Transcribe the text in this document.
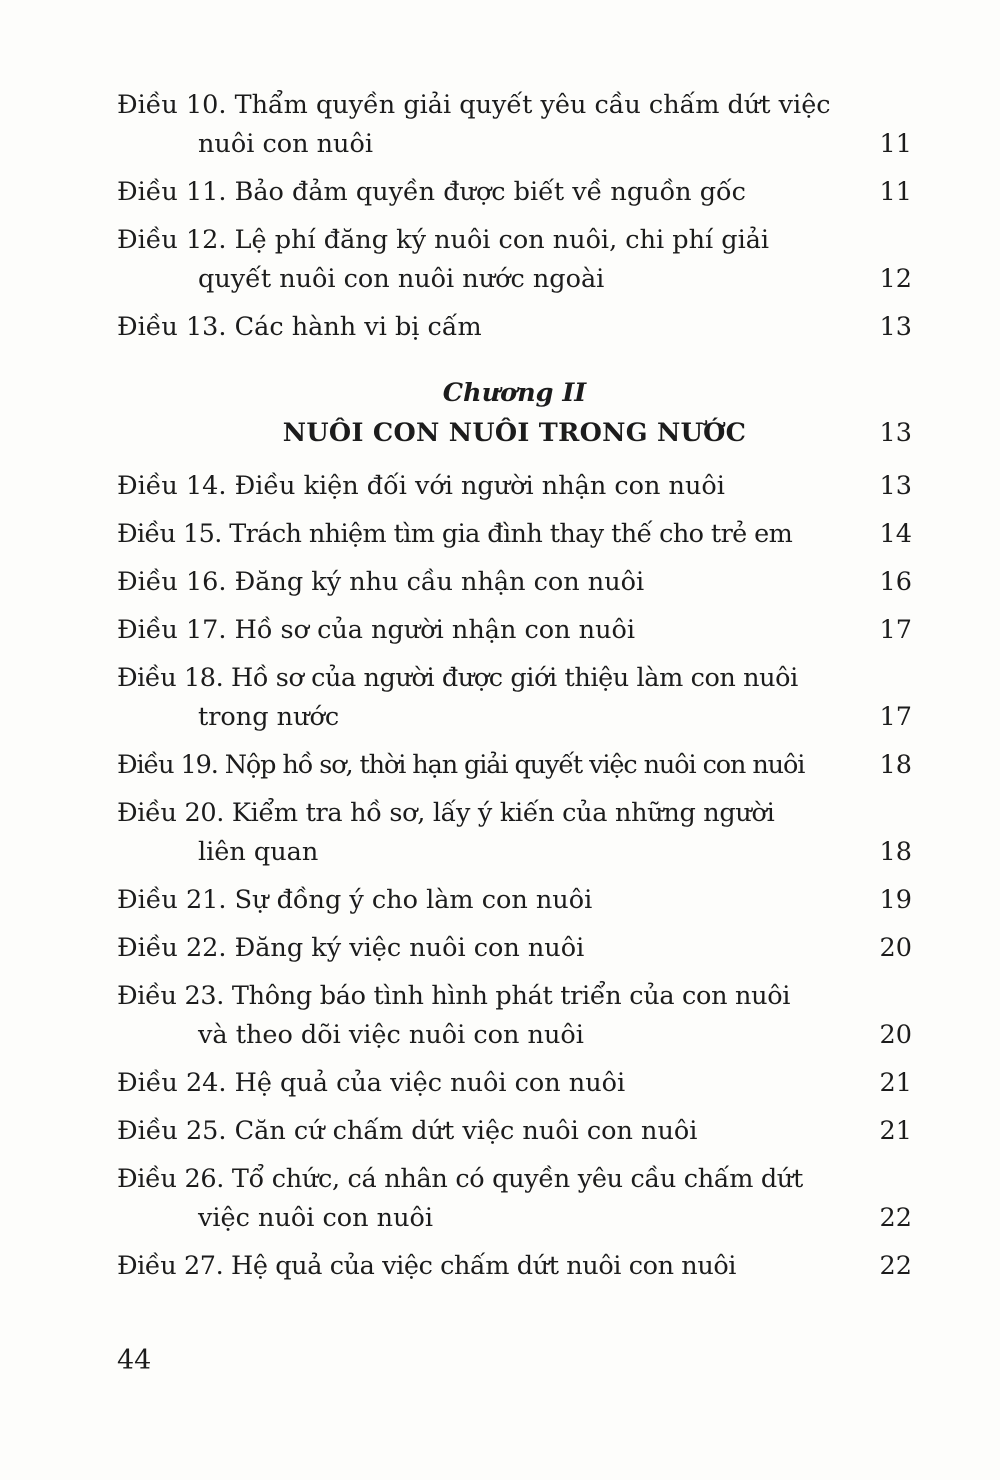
Điều 10. Thẩm quyền giải quyết yêu cầu chấm dứt việc
nuôi con nuôi	11
Điều 11. Bảo đảm quyền được biết về nguồn gốc	11
Điều 12. Lệ phí đăng ký nuôi con nuôi, chi phí giải
quyết nuôi con nuôi nước ngoài	12
Điều 13. Các hành vi bị cấm	13
Chương II
NUÔI CON NUÔI TRONG NƯỚC	13
Điều 14. Điều kiện đối với người nhận con nuôi	13
Điều 15. Trách nhiệm tìm gia đình thay thế cho trẻ em	14
Điều 16. Đăng ký nhu cầu nhận con nuôi	16
Điều 17. Hồ sơ của người nhận con nuôi	17
Điều 18. Hồ sơ của người được giới thiệu làm con nuôi
trong nước	17
Điều 19. Nộp hồ sơ, thời hạn giải quyết việc nuôi con nuôi	18
Điều 20. Kiểm tra hồ sơ, lấy ý kiến của những người
liên quan	18
Điều 21. Sự đồng ý cho làm con nuôi	19
Điều 22. Đăng ký việc nuôi con nuôi	20
Điều 23. Thông báo tình hình phát triển của con nuôi
và theo dõi việc nuôi con nuôi	20
Điều 24. Hệ quả của việc nuôi con nuôi	21
Điều 25. Căn cứ chấm dứt việc nuôi con nuôi	21
Điều 26. Tổ chức, cá nhân có quyền yêu cầu chấm dứt
việc nuôi con nuôi	22
Điều 27. Hệ quả của việc chấm dứt nuôi con nuôi	22
44
